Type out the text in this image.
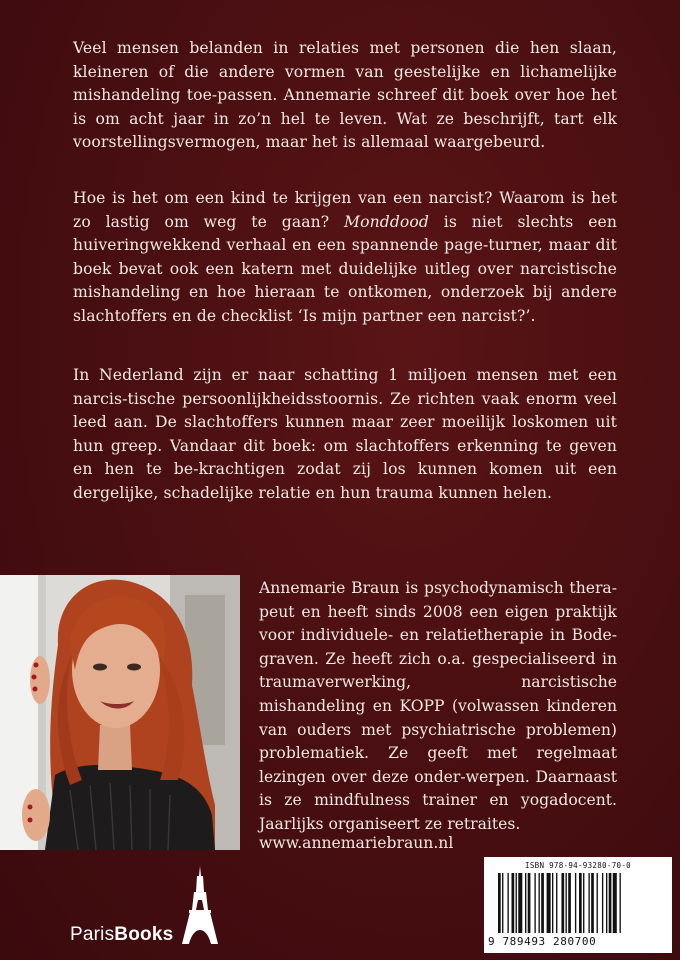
Veel mensen belanden in relaties met personen die hen slaan, kleineren of die andere vormen van geestelijke en lichamelijke mishandeling toe-passen. Annemarie schreef dit boek over hoe het is om acht jaar in zo’n hel te leven. Wat ze beschrijft, tart elk voorstellingsvermogen, maar het is allemaal waargebeurd.

Hoe is het om een kind te krijgen van een narcist? Waarom is het zo lastig om weg te gaan? Monddood is niet slechts een huiveringwekkend verhaal en een spannende page-turner, maar dit boek bevat ook een katern met duidelijke uitleg over narcistische mishandeling en hoe hieraan te ontkomen, onderzoek bij andere slachtoffers en de checklist ‘Is mijn partner een narcist?’.

In Nederland zijn er naar schatting 1 miljoen mensen met een narcis-tische persoonlijkheidsstoornis. Ze richten vaak enorm veel leed aan. De slachtoffers kunnen maar zeer moeilijk loskomen uit hun greep. Vandaar dit boek: om slachtoffers erkenning te geven en hen te be-krachtigen zodat zij los kunnen komen uit een dergelijke, schadelijke relatie en hun trauma kunnen helen.

Annemarie Braun is psychodynamisch thera-peut en heeft sinds 2008 een eigen praktijk voor individuele- en relatietherapie in Bode-graven. Ze heeft zich o.a. gespecialiseerd in traumaverwerking, narcistische mishandeling en KOPP (volwassen kinderen van ouders met psychiatrische problemen) problematiek. Ze geeft met regelmaat lezingen over deze onder-werpen. Daarnaast is ze mindfulness trainer en yogadocent. Jaarlijks organiseert ze retraites.

www.annemariebraun.nl

ParisBooks
ISBN 978-94-93280-70-0
9 789493 280700
